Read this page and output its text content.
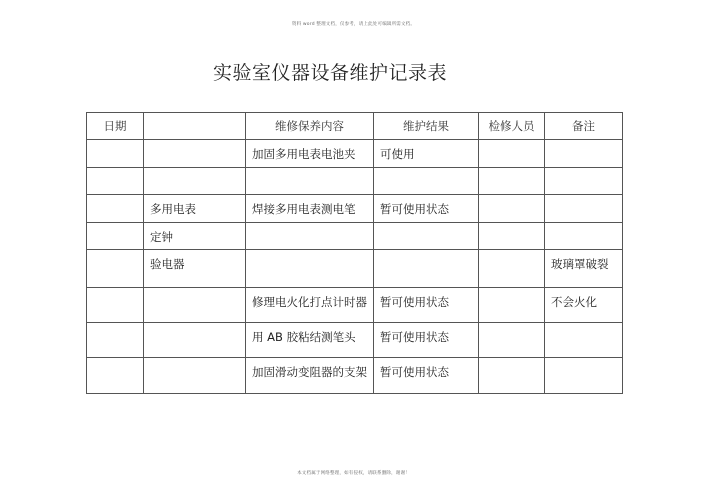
资料 word 整理文档，仅参考，请上此处可编辑所需文档。
实验室仪器设备维护记录表
日期		维修保养内容	维护结果	检修人员	备注
		加固多用电表电池夹	可使用		

	多用电表	焊接多用电表测电笔	暂可使用状态		
	定钟				
	验电器				玻璃罩破裂
		修理电火化打点计时器	暂可使用状态		不会火化
		用 AB 胶粘结测笔头	暂可使用状态		
		加固滑动变阻器的支架	暂可使用状态		
本文档属于网络整理，如有侵权，请联系删除，谢谢！
